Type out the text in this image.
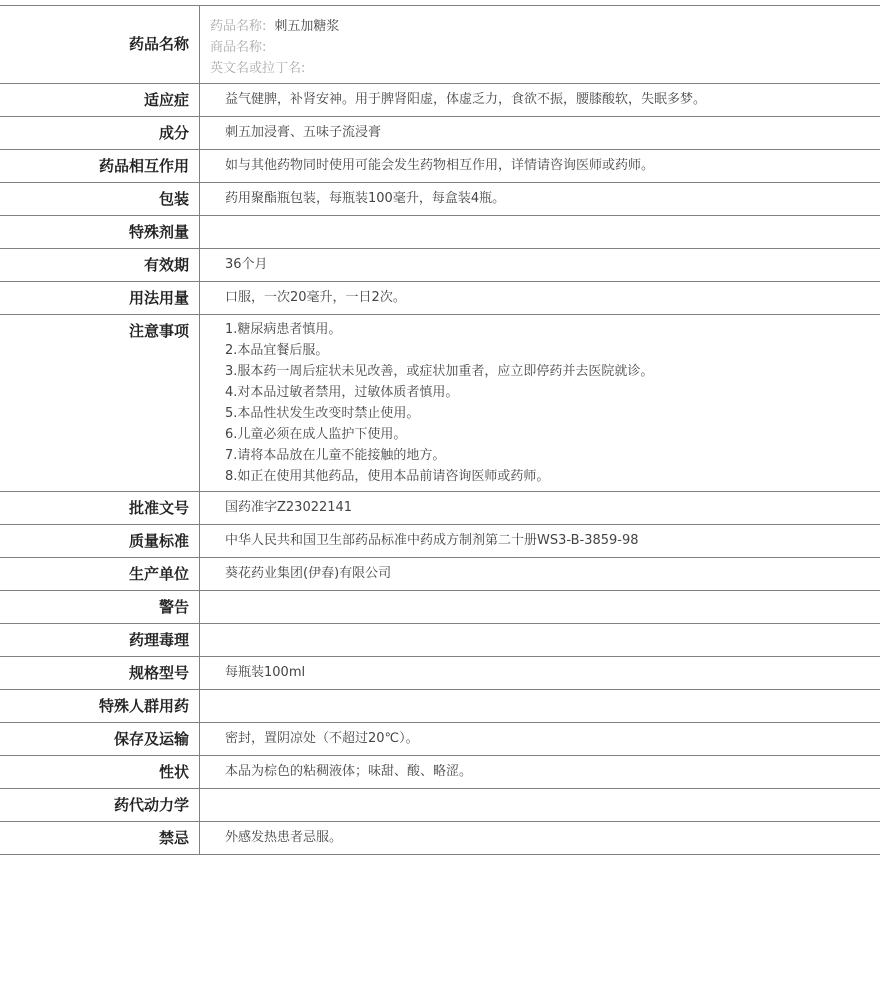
药品名称
药品名称: 刺五加糖浆
商品名称:
英文名或拉丁名:
适应症	益气健脾，补肾安神。用于脾肾阳虚，体虚乏力，食欲不振，腰膝酸软，失眠多梦。
成分	刺五加浸膏、五味子流浸膏
药品相互作用	如与其他药物同时使用可能会发生药物相互作用，详情请咨询医师或药师。
包装	药用聚酯瓶包装，每瓶装100毫升，每盒装4瓶。
特殊剂量
有效期	36个月
用法用量	口服，一次20毫升，一日2次。
注意事项	1.糖尿病患者慎用。
2.本品宜餐后服。
3.服本药一周后症状未见改善，或症状加重者，应立即停药并去医院就诊。
4.对本品过敏者禁用，过敏体质者慎用。
5.本品性状发生改变时禁止使用。
6.儿童必须在成人监护下使用。
7.请将本品放在儿童不能接触的地方。
8.如正在使用其他药品，使用本品前请咨询医师或药师。
批准文号	国药准字Z23022141
质量标准	中华人民共和国卫生部药品标准中药成方制剂第二十册WS3-B-3859-98
生产单位	葵花药业集团(伊春)有限公司
警告
药理毒理
规格型号	每瓶装100ml
特殊人群用药
保存及运输	密封，置阴凉处（不超过20℃）。
性状	本品为棕色的粘稠液体；味甜、酸、略涩。
药代动力学
禁忌	外感发热患者忌服。
